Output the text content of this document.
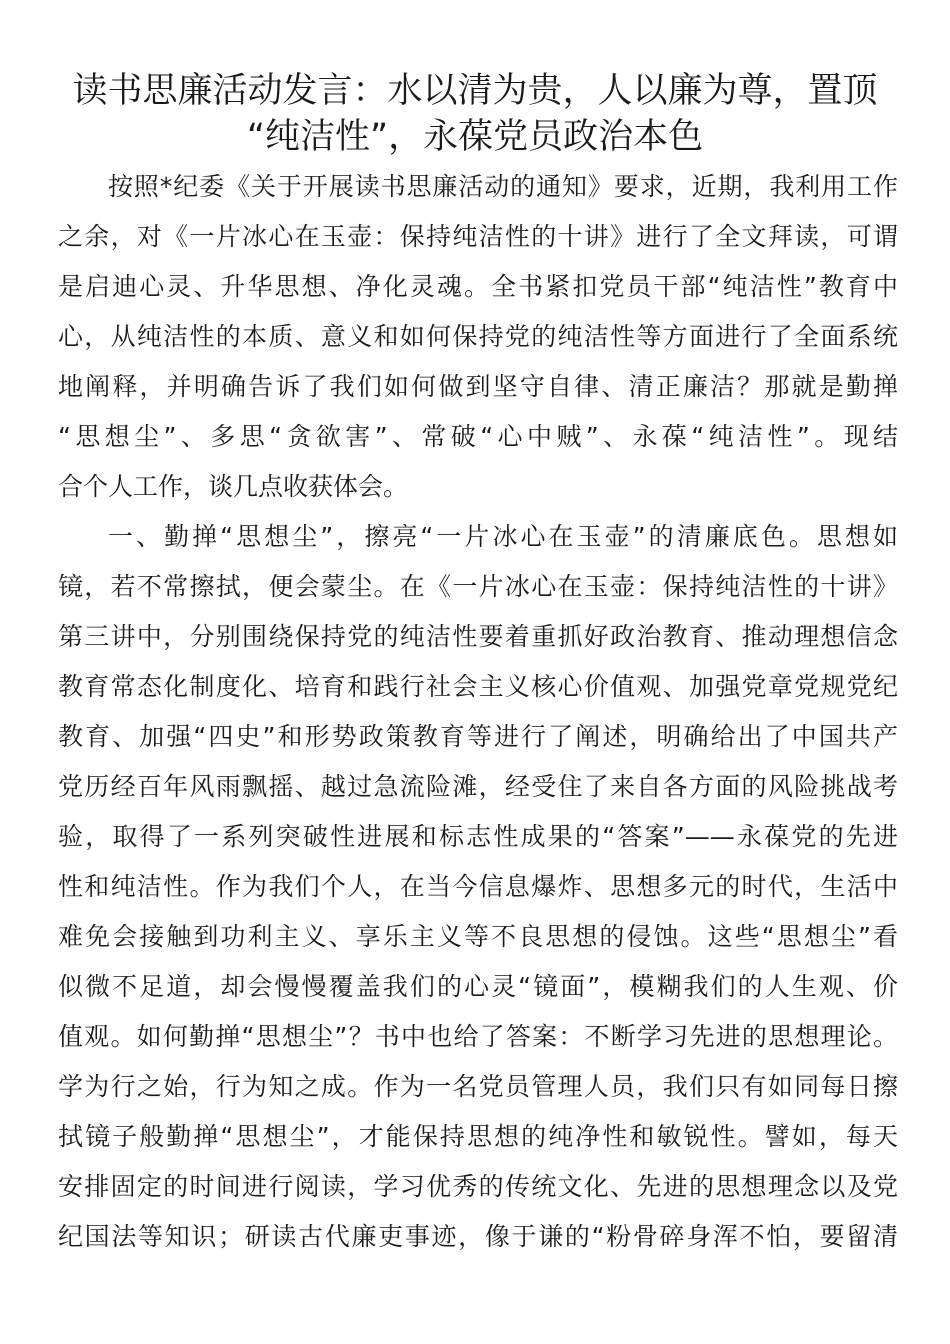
读书思廉活动发言：水以清为贵，人以廉为尊，置顶
“纯洁性”，永葆党员政治本色
按照*纪委《关于开展读书思廉活动的通知》要求，近期，我利用工作
之余，对《一片冰心在玉壶：保持纯洁性的十讲》进行了全文拜读，可谓
是启迪心灵、升华思想、净化灵魂。全书紧扣党员干部“纯洁性”教育中
心，从纯洁性的本质、意义和如何保持党的纯洁性等方面进行了全面系统
地阐释，并明确告诉了我们如何做到坚守自律、清正廉洁？那就是勤掸
“思想尘”、多思“贪欲害”、常破“心中贼”、永葆“纯洁性”。现结
合个人工作，谈几点收获体会。
一、勤掸“思想尘”，擦亮“一片冰心在玉壶”的清廉底色。思想如
镜，若不常擦拭，便会蒙尘。在《一片冰心在玉壶：保持纯洁性的十讲》
第三讲中，分别围绕保持党的纯洁性要着重抓好政治教育、推动理想信念
教育常态化制度化、培育和践行社会主义核心价值观、加强党章党规党纪
教育、加强“四史”和形势政策教育等进行了阐述，明确给出了中国共产
党历经百年风雨飘摇、越过急流险滩，经受住了来自各方面的风险挑战考
验，取得了一系列突破性进展和标志性成果的“答案”——永葆党的先进
性和纯洁性。作为我们个人，在当今信息爆炸、思想多元的时代，生活中
难免会接触到功利主义、享乐主义等不良思想的侵蚀。这些“思想尘”看
似微不足道，却会慢慢覆盖我们的心灵“镜面”，模糊我们的人生观、价
值观。如何勤掸“思想尘”？书中也给了答案：不断学习先进的思想理论。
学为行之始，行为知之成。作为一名党员管理人员，我们只有如同每日擦
拭镜子般勤掸“思想尘”，才能保持思想的纯净性和敏锐性。譬如，每天
安排固定的时间进行阅读，学习优秀的传统文化、先进的思想理念以及党
纪国法等知识；研读古代廉吏事迹，像于谦的“粉骨碎身浑不怕，要留清
